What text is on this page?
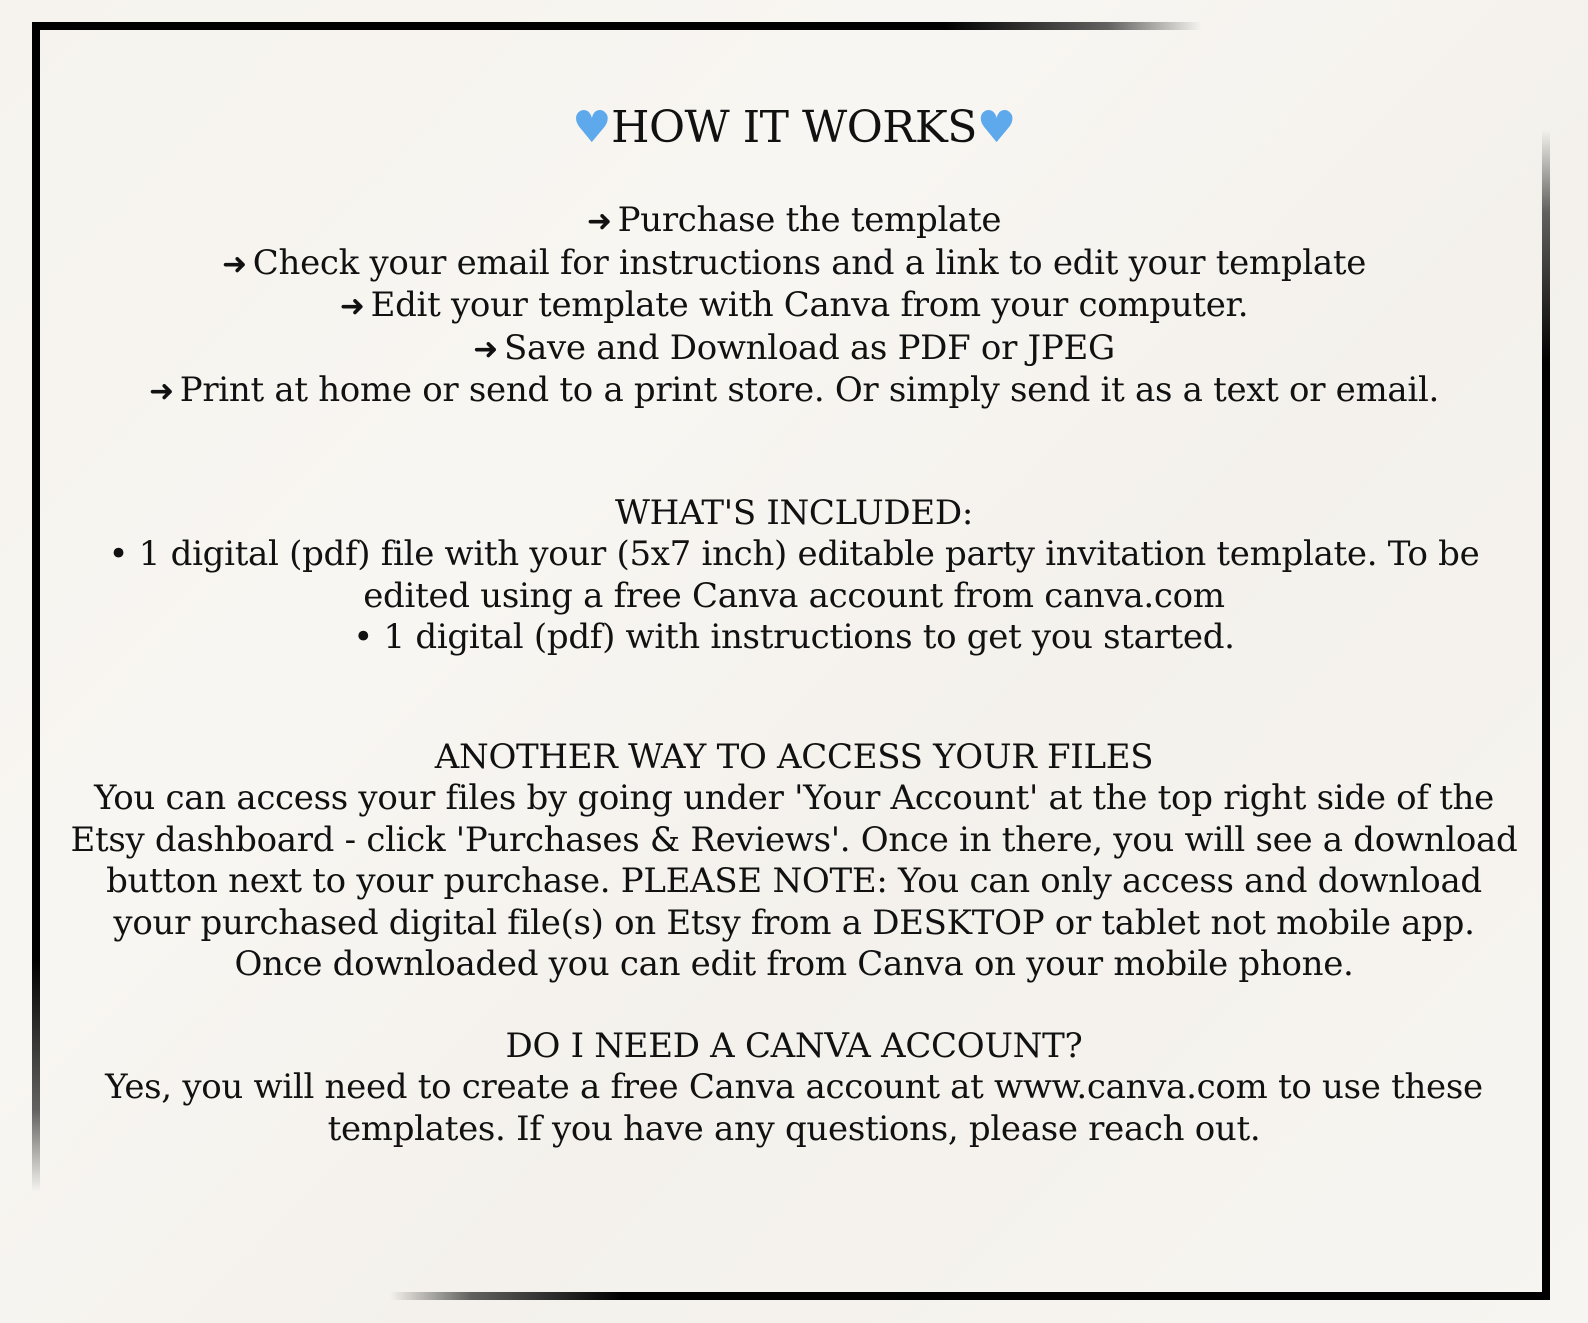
♥HOW IT WORKS♥

➜ Purchase the template

➜ Check your email for instructions and a link to edit your template

➜ Edit your template with Canva from your computer.

➜ Save and Download as PDF or JPEG

➜ Print at home or send to a print store. Or simply send it as a text or email.

WHAT'S INCLUDED:

• 1 digital (pdf) file with your (5x7 inch) editable party invitation template. To be

edited using a free Canva account from canva.com

• 1 digital (pdf) with instructions to get you started.

ANOTHER WAY TO ACCESS YOUR FILES

You can access your files by going under 'Your Account' at the top right side of the

Etsy dashboard - click 'Purchases & Reviews'. Once in there, you will see a download

button next to your purchase. PLEASE NOTE: You can only access and download

your purchased digital file(s) on Etsy from a DESKTOP or tablet not mobile app.

Once downloaded you can edit from Canva on your mobile phone.

DO I NEED A CANVA ACCOUNT?

Yes, you will need to create a free Canva account at www.canva.com to use these

templates. If you have any questions, please reach out.
